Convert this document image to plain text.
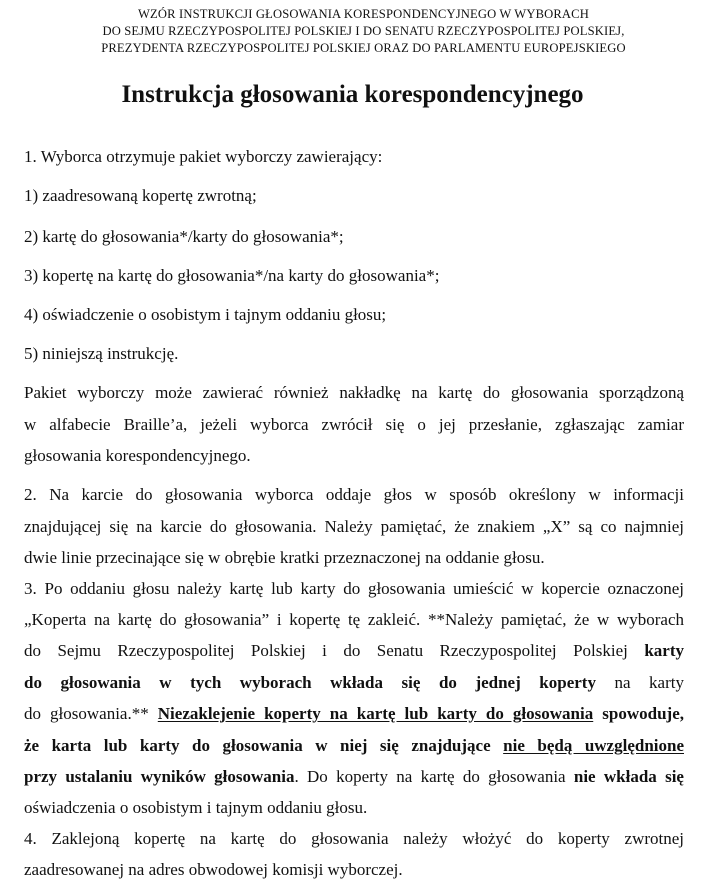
WZÓR INSTRUKCJI GŁOSOWANIA KORESPONDENCYJNEGO W WYBORACH
DO SEJMU RZECZYPOSPOLITEJ POLSKIEJ I DO SENATU RZECZYPOSPOLITEJ POLSKIEJ,
PREZYDENTA RZECZYPOSPOLITEJ POLSKIEJ ORAZ DO PARLAMENTU EUROPEJSKIEGO
Instrukcja głosowania korespondencyjnego
1. Wyborca otrzymuje pakiet wyborczy zawierający:
1) zaadresowaną kopertę zwrotną;
2) kartę do głosowania*/karty do głosowania*;
3) kopertę na kartę do głosowania*/na karty do głosowania*;
4) oświadczenie o osobistym i tajnym oddaniu głosu;
5) niniejszą instrukcję.
Pakiet wyborczy może zawierać również nakładkę na kartę do głosowania sporządzoną
w alfabecie Braille’a, jeżeli wyborca zwrócił się o jej przesłanie, zgłaszając zamiar
głosowania korespondencyjnego.
2. Na karcie do głosowania wyborca oddaje głos w sposób określony w informacji
znajdującej się na karcie do głosowania. Należy pamiętać, że znakiem „X” są co najmniej
dwie linie przecinające się w obrębie kratki przeznaczonej na oddanie głosu.
3. Po oddaniu głosu należy kartę lub karty do głosowania umieścić w kopercie oznaczonej
„Koperta na kartę do głosowania” i kopertę tę zakleić. **Należy pamiętać, że w wyborach
do Sejmu Rzeczypospolitej Polskiej i do Senatu Rzeczypospolitej Polskiej karty
do głosowania w tych wyborach wkłada się do jednej koperty na karty
do głosowania.** Niezaklejenie koperty na kartę lub karty do głosowania spowoduje,
że karta lub karty do głosowania w niej się znajdujące nie będą uwzględnione
przy ustalaniu wyników głosowania. Do koperty na kartę do głosowania nie wkłada się
oświadczenia o osobistym i tajnym oddaniu głosu.
4. Zaklejoną kopertę na kartę do głosowania należy włożyć do koperty zwrotnej
zaadresowanej na adres obwodowej komisji wyborczej.
